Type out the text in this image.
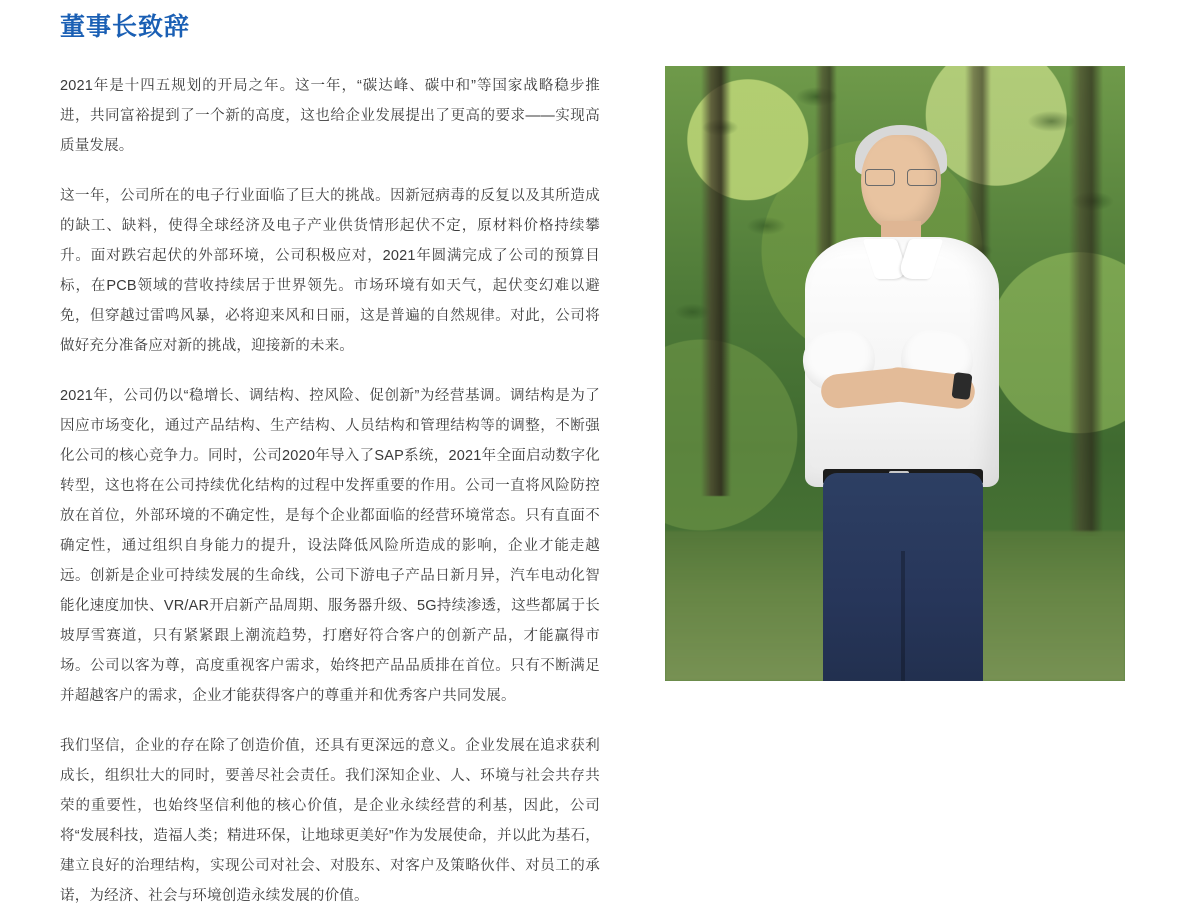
董事长致辞

2021年是十四五规划的开局之年。这一年，“碳达峰、碳中和”等国家战略稳步推进，共同富裕提到了一个新的高度，这也给企业发展提出了更高的要求——实现高质量发展。

这一年，公司所在的电子行业面临了巨大的挑战。因新冠病毒的反复以及其所造成的缺工、缺料，使得全球经济及电子产业供货情形起伏不定，原材料价格持续攀升。面对跌宕起伏的外部环境，公司积极应对，2021年圆满完成了公司的预算目标，在PCB领域的营收持续居于世界领先。市场环境有如天气，起伏变幻难以避免，但穿越过雷鸣风暴，必将迎来风和日丽，这是普遍的自然规律。对此，公司将做好充分准备应对新的挑战，迎接新的未来。

2021年，公司仍以“稳增长、调结构、控风险、促创新”为经营基调。调结构是为了因应市场变化，通过产品结构、生产结构、人员结构和管理结构等的调整，不断强化公司的核心竞争力。同时，公司2020年导入了SAP系统，2021年全面启动数字化转型，这也将在公司持续优化结构的过程中发挥重要的作用。公司一直将风险防控放在首位，外部环境的不确定性，是每个企业都面临的经营环境常态。只有直面不确定性，通过组织自身能力的提升，设法降低风险所造成的影响，企业才能走越远。创新是企业可持续发展的生命线，公司下游电子产品日新月异，汽车电动化智能化速度加快、VR/AR开启新产品周期、服务器升级、5G持续渗透，这些都属于长坡厚雪赛道，只有紧紧跟上潮流趋势，打磨好符合客户的创新产品，才能赢得市场。公司以客为尊，高度重视客户需求，始终把产品品质排在首位。只有不断满足并超越客户的需求，企业才能获得客户的尊重并和优秀客户共同发展。

我们坚信，企业的存在除了创造价值，还具有更深远的意义。企业发展在追求获利成长，组织壮大的同时，要善尽社会责任。我们深知企业、人、环境与社会共存共荣的重要性，也始终坚信利他的核心价值，是企业永续经营的利基，因此，公司将“发展科技，造福人类；精进环保，让地球更美好”作为发展使命，并以此为基石，建立良好的治理结构，实现公司对社会、对股东、对客户及策略伙伴、对员工的承诺，为经济、社会与环境创造永续发展的价值。
